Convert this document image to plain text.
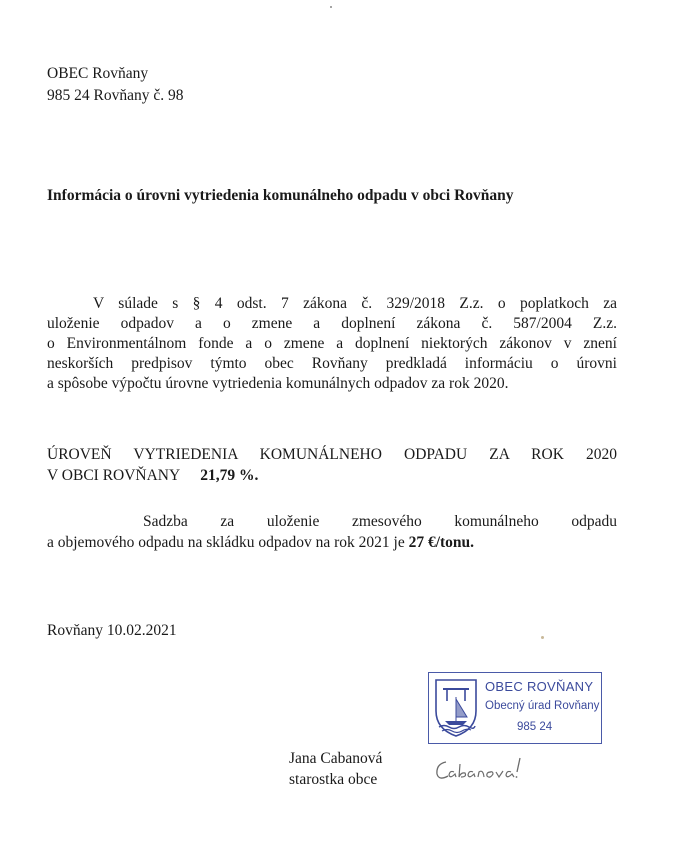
OBEC Rovňany
985 24 Rovňany č. 98
Informácia o úrovni vytriedenia komunálneho odpadu v obci Rovňany
V súlade s § 4 odst. 7 zákona č. 329/2018 Z.z. o poplatkoch za
uloženie odpadov a o zmene a doplnení zákona č. 587/2004 Z.z.
o Environmentálnom fonde a o zmene a doplnení niektorých zákonov v znení
neskorších predpisov týmto obec Rovňany predkladá informáciu o úrovni
a spôsobe výpočtu úrovne vytriedenia komunálnych odpadov za rok 2020.
ÚROVEŇ VYTRIEDENIA KOMUNÁLNEHO ODPADU ZA ROK 2020
V OBCI ROVŇANY 21,79 %.
Sadzba za uloženie zmesového komunálneho odpadu
a objemového odpadu na skládku odpadov na rok 2021 je 27 €/tonu.
Rovňany 10.02.2021
OBEC ROVŇANY
Obecný úrad Rovňany
985 24
Jana Cabanová
starostka obce
